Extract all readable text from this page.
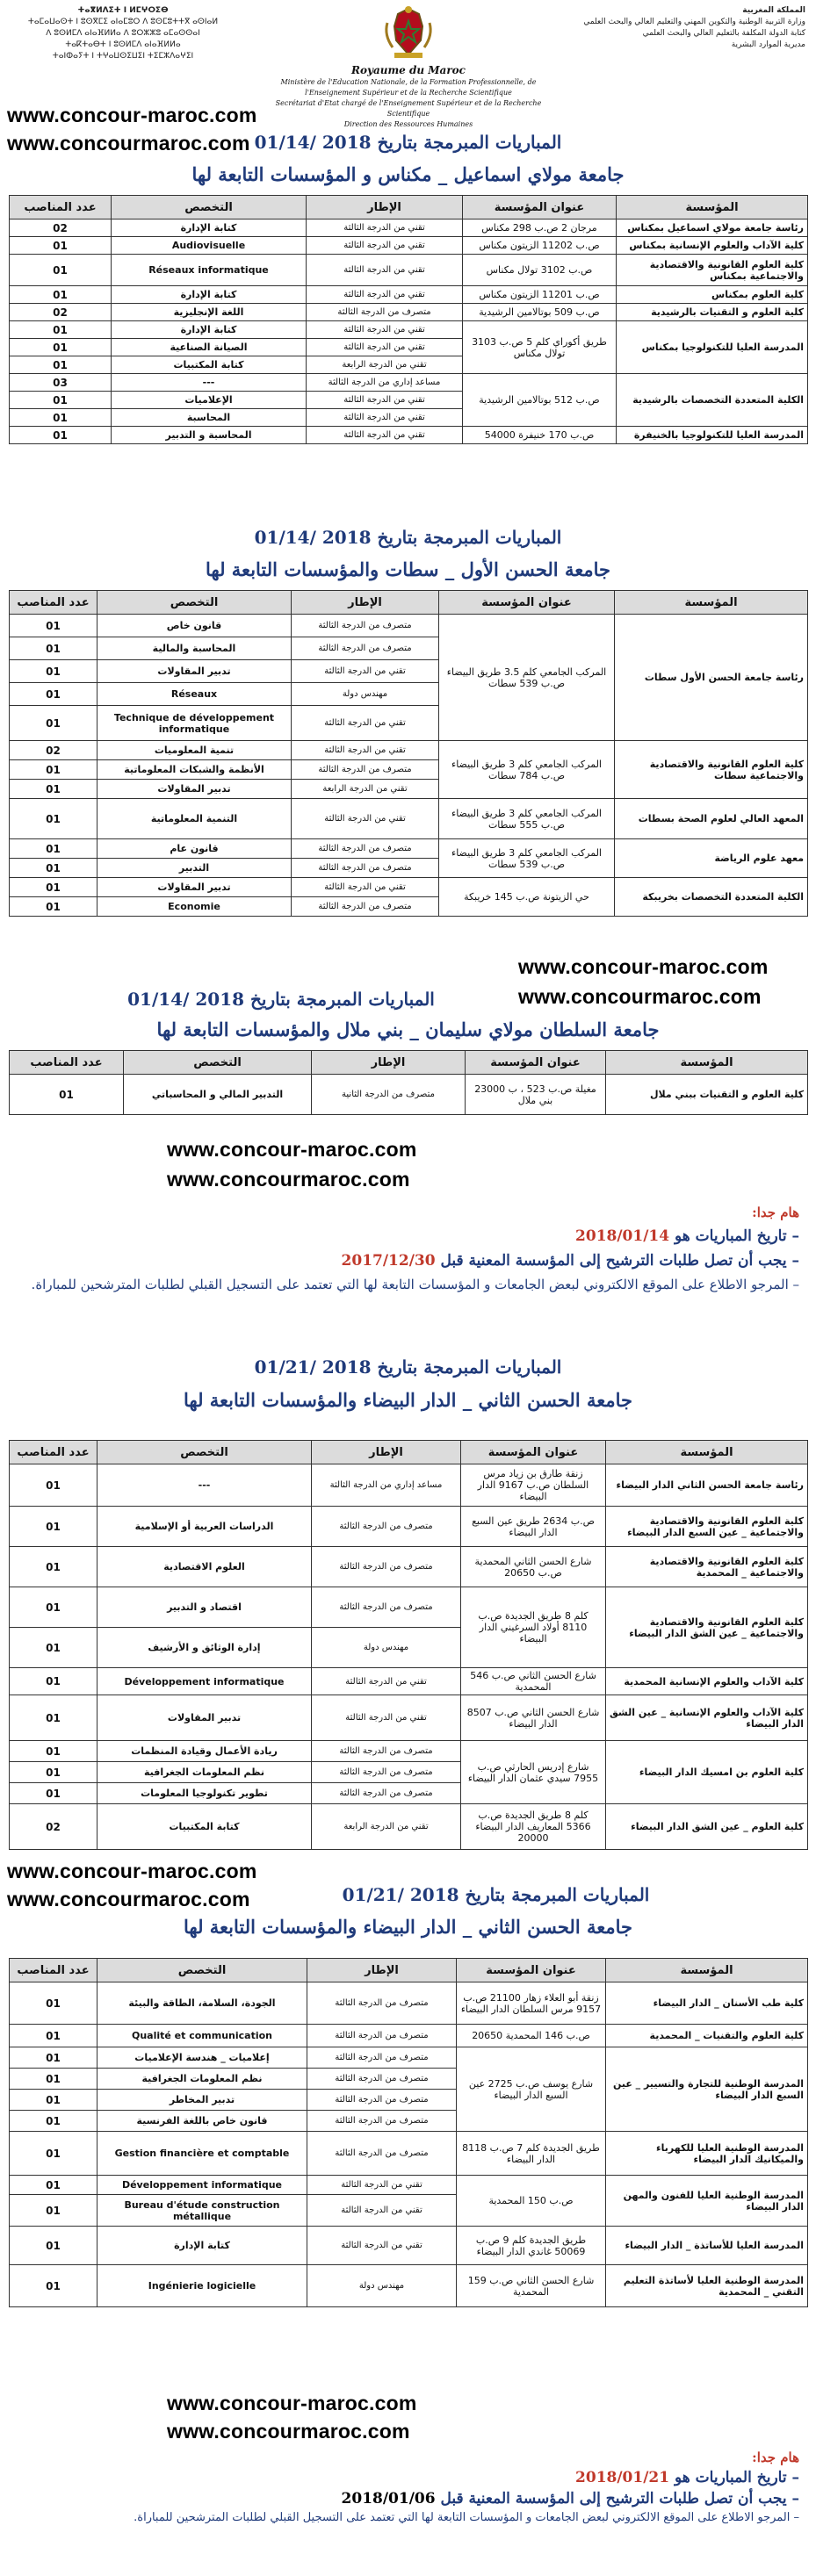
ⵜⴰⴳⵍⴷⵉⵜ ⵏ ⵍⵎⵖⵔⵉⴱ
ⵜⴰⵎⴰⵡⴰⵙⵜ ⵏ ⵓⵙⴳⵎⵉ ⴰⵏⴰⵎⵓⵔ ⴷ ⵓⵙⵎⵓⵜⵜⴳ ⴰⵙⵏⴰⵍ
ⴷ ⵓⵙⵍⵎⴷ ⴰⵏⴰⴼⵍⵍⴰ ⴷ ⵓⵔⵣⵣⵓ ⴰⵎⴰⵙⵙⴰⵏ
ⵜⴰⴽⵜⴰⴱⵜ ⵏ ⵓⵙⵍⵎⴷ ⴰⵏⴰⴼⵍⵍⴰ
ⵜⴰⵏⵀⴰⵢⵜ ⵏ ⵜⵖⴰⵡⵙⵉⵡⵉⵏ ⵜⵉⵎⵣⴷⴰⵖⵉⵏ
Royaume du Maroc
Ministère de l'Education Nationale, de la Formation Professionnelle, de l'Enseignement Supérieur et de la Recherche Scientifique
Secrétariat d'Etat chargé de l'Enseignement Supérieur et de la Recherche Scientifique
Direction des Ressources Humaines
المملكة المغربية
وزارة التربية الوطنية والتكوين المهني والتعليم العالي والبحث العلمي
كتابة الدولة المكلفة بالتعليم العالي والبحث العلمي
مديرية الموارد البشرية
www.concour-maroc.com
www.concourmaroc.com المباريات المبرمجة بتاريخ 2018 /01/14
جامعة مولاي اسماعيل _ مكناس و المؤسسات التابعة لها
المؤسسة	عنوان المؤسسة	الإطار	التخصص	عدد المناصب
رئاسة جامعة مولاي اسماعيل بمكناس	مرجان 2 ص.ب 298 مكناس	تقني من الدرجة الثالثة	كتابة الإدارة	02
كلية الآداب والعلوم الإنسانية بمكناس	ص.ب 11202 الزيتون مكناس	تقني من الدرجة الثالثة	Audiovisuelle	01
كلية العلوم القانونية والاقتصادية والاجتماعية بمكناس	ص.ب 3102 تولال مكناس	تقني من الدرجة الثالثة	Réseaux informatique	01
كلية العلوم بمكناس	ص.ب 11201 الزيتون مكناس	تقني من الدرجة الثالثة	كتابة الإدارة	01
كلية العلوم و التقنيات بالرشيدية	ص.ب 509 بوتالامين الرشيدية	متصرف من الدرجة الثالثة	اللغة الإنجليزية	02
المدرسة العليا للتكنولوجيا بمكناس	طريق أكوراي كلم 5 ص.ب 3103 تولال مكناس	تقني من الدرجة الثالثة	كتابة الإدارة	01
		تقني من الدرجة الثالثة	الصيانة الصناعية	01
		تقني من الدرجة الرابعة	كتابة المكتبيات	01
الكلية المتعددة التخصصات بالرشيدية	ص.ب 512 بوتالامين الرشيدية	مساعد إداري من الدرجة الثالثة	---	03
		تقني من الدرجة الثالثة	الإعلاميات	01
		تقني من الدرجة الثالثة	المحاسبة	01
المدرسة العليا للتكنولوجيا بالخنيفرة	ص.ب 170 خنيفرة 54000	تقني من الدرجة الثالثة	المحاسبة و التدبير	01
المباريات المبرمجة بتاريخ 2018 /01/14
جامعة الحسن الأول _ سطات والمؤسسات التابعة لها
المؤسسة	عنوان المؤسسة	الإطار	التخصص	عدد المناصب
رئاسة جامعة الحسن الأول سطات	المركب الجامعي كلم 3.5 طريق البيضاء ص.ب 539 سطات	متصرف من الدرجة الثالثة	قانون خاص	01
		متصرف من الدرجة الثالثة	المحاسبة والمالية	01
		تقني من الدرجة الثالثة	تدبير المقاولات	01
		مهندس دولة	Réseaux	01
		تقني من الدرجة الثالثة	Technique de développement informatique	01
كلية العلوم القانونية والاقتصادية والاجتماعية سطات	المركب الجامعي كلم 3 طريق البيضاء ص.ب 784 سطات	تقني من الدرجة الثالثة	تنمية المعلوميات	02
		متصرف من الدرجة الثالثة	الأنظمة والشبكات المعلوماتية	01
		تقني من الدرجة الرابعة	تدبير المقاولات	01
المعهد العالي لعلوم الصحة بسطات	المركب الجامعي كلم 3 طريق البيضاء ص.ب 555 سطات	تقني من الدرجة الثالثة	التنمية المعلوماتية	01
معهد علوم الرياضة	المركب الجامعي كلم 3 طريق البيضاء ص.ب 539 سطات	متصرف من الدرجة الثالثة	قانون عام	01
		متصرف من الدرجة الثالثة	التدبير	01
الكلية المتعددة التخصصات بخريبكة	حي الزيتونة ص.ب 145 خريبكة	تقني من الدرجة الثالثة	تدبير المقاولات	01
		متصرف من الدرجة الثالثة	Economie	01
www.concour-maroc.com
www.concourmaroc.com
المباريات المبرمجة بتاريخ 2018 /01/14
جامعة السلطان مولاي سليمان _ بني ملال والمؤسسات التابعة لها
المؤسسة	عنوان المؤسسة	الإطار	التخصص	عدد المناصب
كلية العلوم و التقنيات ببني ملال	مغيلة ص.ب 523 ، ب 23000 بني ملال	متصرف من الدرجة الثانية	التدبير المالي و المحاسباتي	01
www.concour-maroc.com
www.concourmaroc.com
هام جدا:
– تاريخ المباريات هو 2018/01/14
– يجب أن تصل طلبات الترشيح إلى المؤسسة المعنية قبل 2017/12/30
– المرجو الاطلاع على الموقع الالكتروني لبعض الجامعات و المؤسسات التابعة لها التي تعتمد على التسجيل القبلي لطلبات المترشحين للمباراة.
المباريات المبرمجة بتاريخ 2018 /01/21
جامعة الحسن الثاني _ الدار البيضاء والمؤسسات التابعة لها
المؤسسة	عنوان المؤسسة	الإطار	التخصص	عدد المناصب
رئاسة جامعة الحسن الثاني الدار البيضاء	زنقة طارق بن زياد مرس السلطان ص.ب 9167 الدار البيضاء	مساعد إداري من الدرجة الثالثة	---	01
كلية العلوم القانونية والاقتصادية والاجتماعية _ عين السبع الدار البيضاء	ص.ب 2634 طريق عين السبع الدار البيضاء	متصرف من الدرجة الثالثة	الدراسات العربية أو الإسلامية	01
كلية العلوم القانونية والاقتصادية والاجتماعية _ المحمدية	شارع الحسن الثاني المحمدية ص.ب 20650	متصرف من الدرجة الثالثة	العلوم الاقتصادية	01
كلية العلوم القانونية والاقتصادية والاجتماعية _ عين الشق الدار البيضاء	كلم 8 طريق الجديدة ص.ب 8110 أولاد السرغيني الدار البيضاء	متصرف من الدرجة الثالثة	اقتصاد و التدبير	01
		مهندس دولة	إدارة الوثائق و الأرشيف	01
كلية الآداب والعلوم الإنسانية المحمدية	شارع الحسن الثاني ص.ب 546 المحمدية	تقني من الدرجة الثالثة	Développement informatique	01
كلية الآداب والعلوم الإنسانية _ عين الشق الدار البيضاء	شارع الحسن الثاني ص.ب 8507 الدار البيضاء	تقني من الدرجة الثالثة	تدبير المقاولات	01
كلية العلوم بن امسيك الدار البيضاء	شارع إدريس الحارثي ص.ب 7955 سيدي عثمان الدار البيضاء	متصرف من الدرجة الثالثة	ريادة الأعمال وقيادة المنظمات	01
		متصرف من الدرجة الثالثة	نظم المعلومات الجغرافية	01
		متصرف من الدرجة الثالثة	تطوير تكنولوجيا المعلومات	01
كلية العلوم _ عين الشق الدار البيضاء	كلم 8 طريق الجديدة ص.ب 5366 المعاريف الدار البيضاء 20000	تقني من الدرجة الرابعة	كتابة المكتبيات	02
www.concour-maroc.com
www.concourmaroc.com	المباريات المبرمجة بتاريخ 2018 /01/21
جامعة الحسن الثاني _ الدار البيضاء والمؤسسات التابعة لها
المؤسسة	عنوان المؤسسة	الإطار	التخصص	عدد المناصب
كلية طب الأسنان _ الدار البيضاء	زنقة أبو العلاء زهار 21100 ص.ب 9157 مرس السلطان الدار البيضاء	متصرف من الدرجة الثالثة	الجودة، السلامة، الطاقة والبيئة	01
كلية العلوم والتقنيات _ المحمدية	ص.ب 146 المحمدية 20650	متصرف من الدرجة الثالثة	Qualité et communication	01
المدرسة الوطنية للتجارة والتسيير _ عين السبع الدار البيضاء	شارع يوسف ص.ب 2725 عين السبع الدار البيضاء	متصرف من الدرجة الثالثة	إعلاميات _ هندسة الإعلاميات	01
		متصرف من الدرجة الثالثة	نظم المعلومات الجغرافية	01
		متصرف من الدرجة الثالثة	تدبير المخاطر	01
		متصرف من الدرجة الثالثة	قانون خاص باللغة الفرنسية	01
المدرسة الوطنية العليا للكهرباء والميكانيك الدار البيضاء	طريق الجديدة كلم 7 ص.ب 8118 الدار البيضاء	متصرف من الدرجة الثالثة	Gestion financière et comptable	01
المدرسة الوطنية العليا للفنون والمهن الدار البيضاء	ص.ب 150 المحمدية	تقني من الدرجة الثالثة	Développement informatique	01
		تقني من الدرجة الثالثة	Bureau d'étude construction métallique	01
المدرسة العليا للأساتذة _ الدار البيضاء	طريق الجديدة كلم 9 ص.ب 50069 غاندي الدار البيضاء	تقني من الدرجة الثالثة	كتابة الإدارة	01
المدرسة الوطنية العليا لأساتذة التعليم التقني _ المحمدية	شارع الحسن الثاني ص.ب 159 المحمدية	مهندس دولة	Ingénierie logicielle	01
www.concour-maroc.com
www.concourmaroc.com
هام جدا:
– تاريخ المباريات هو 2018/01/21
– يجب أن تصل طلبات الترشيح إلى المؤسسة المعنية قبل 2018/01/06
– المرجو الاطلاع على الموقع الالكتروني لبعض الجامعات و المؤسسات التابعة لها التي تعتمد على التسجيل القبلي لطلبات المترشحين للمباراة.
